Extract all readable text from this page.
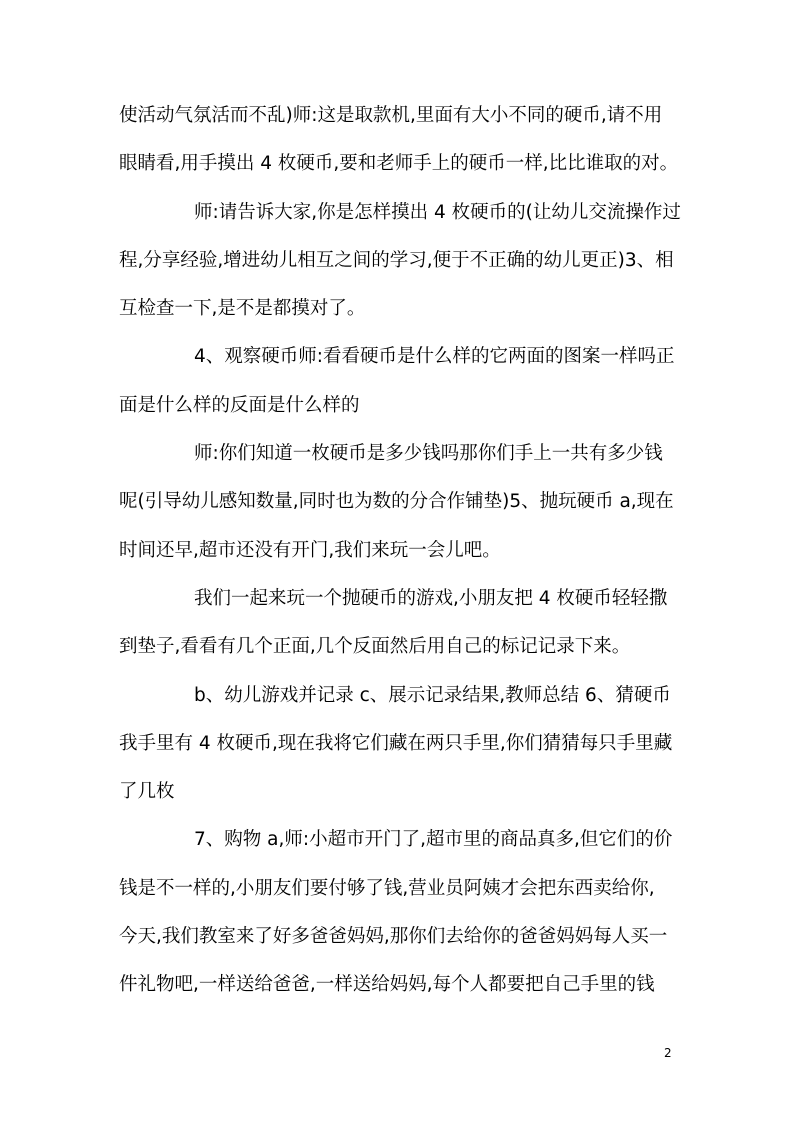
使活动气氛活而不乱)师:这是取款机,里面有大小不同的硬币,请不用
眼睛看,用手摸出 4 枚硬币,要和老师手上的硬币一样,比比谁取的对。
师:请告诉大家,你是怎样摸出 4 枚硬币的(让幼儿交流操作过
程,分享经验,增进幼儿相互之间的学习,便于不正确的幼儿更正)3、相
互检查一下,是不是都摸对了。
4、观察硬币师:看看硬币是什么样的它两面的图案一样吗正
面是什么样的反面是什么样的
师:你们知道一枚硬币是多少钱吗那你们手上一共有多少钱
呢(引导幼儿感知数量,同时也为数的分合作铺垫)5、抛玩硬币 a,现在
时间还早,超市还没有开门,我们来玩一会儿吧。
我们一起来玩一个抛硬币的游戏,小朋友把 4 枚硬币轻轻撒
到垫子,看看有几个正面,几个反面然后用自己的标记记录下来。
b、幼儿游戏并记录 c、展示记录结果,教师总结 6、猜硬币
我手里有 4 枚硬币,现在我将它们藏在两只手里,你们猜猜每只手里藏
了几枚
7、购物 a,师:小超市开门了,超市里的商品真多,但它们的价
钱是不一样的,小朋友们要付够了钱,营业员阿姨才会把东西卖给你,
今天,我们教室来了好多爸爸妈妈,那你们去给你的爸爸妈妈每人买一
件礼物吧,一样送给爸爸,一样送给妈妈,每个人都要把自己手里的钱
2
